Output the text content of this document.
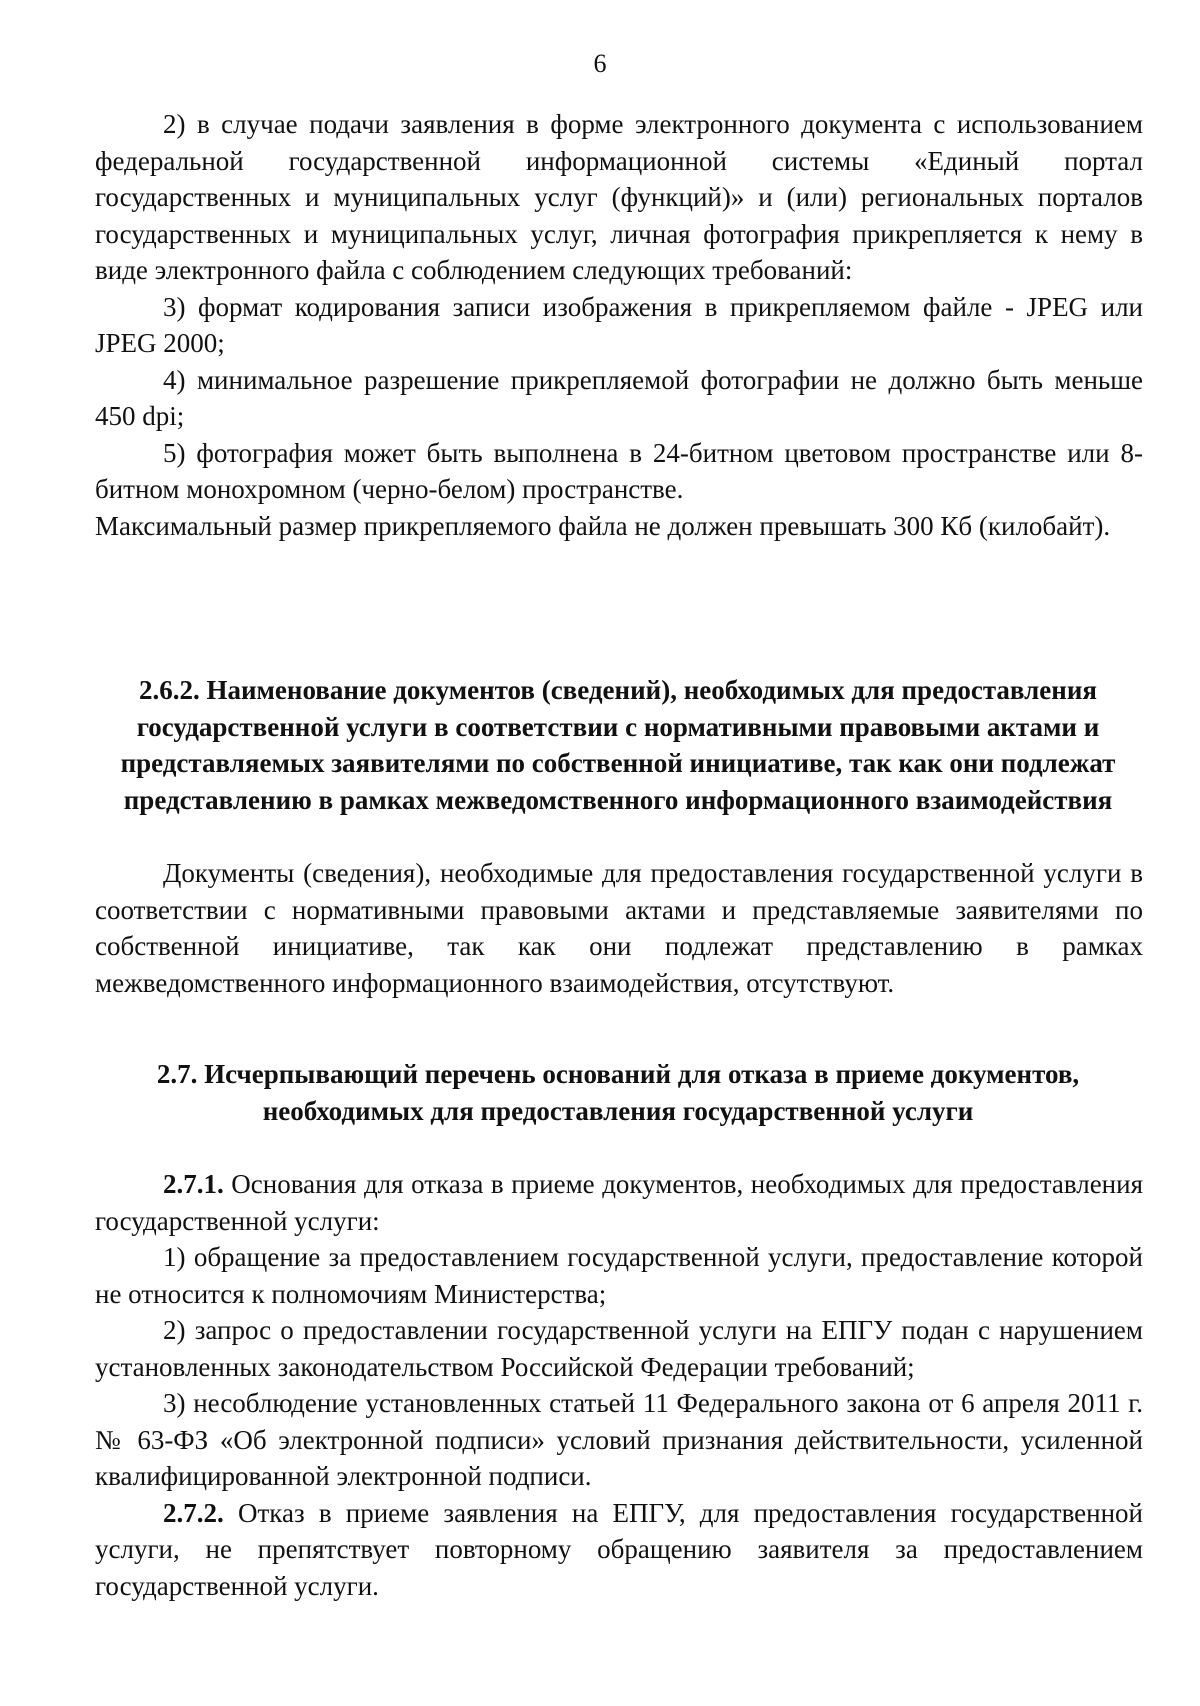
6

2) в случае подачи заявления в форме электронного документа с использованием федеральной государственной информационной системы «Единый портал государственных и муниципальных услуг (функций)» и (или) региональных порталов государственных и муниципальных услуг, личная фотография прикрепляется к нему в виде электронного файла с соблюдением следующих требований:

3) формат кодирования записи изображения в прикрепляемом файле - JPEG или JPEG 2000;

4) минимальное разрешение прикрепляемой фотографии не должно быть меньше 450 dpi;

5) фотография может быть выполнена в 24-битном цветовом пространстве или 8-битном монохромном (черно-белом) пространстве.

Максимальный размер прикрепляемого файла не должен превышать 300 Кб (килобайт).

2.6.2. Наименование документов (сведений), необходимых для предоставления государственной услуги в соответствии с нормативными правовыми актами и представляемых заявителями по собственной инициативе, так как они подлежат представлению в рамках межведомственного информационного взаимодействия

Документы (сведения), необходимые для предоставления государственной услуги в соответствии с нормативными правовыми актами и представляемые заявителями по собственной инициативе, так как они подлежат представлению в рамках межведомственного информационного взаимодействия, отсутствуют.

2.7. Исчерпывающий перечень оснований для отказа в приеме документов, необходимых для предоставления государственной услуги

2.7.1. Основания для отказа в приеме документов, необходимых для предоставления государственной услуги:

1) обращение за предоставлением государственной услуги, предоставление которой не относится к полномочиям Министерства;

2) запрос о предоставлении государственной услуги на ЕПГУ подан с нарушением установленных законодательством Российской Федерации требований;

3) несоблюдение установленных статьей 11 Федерального закона от 6 апреля 2011 г. № 63-ФЗ «Об электронной подписи» условий признания действительности, усиленной квалифицированной электронной подписи.

2.7.2. Отказ в приеме заявления на ЕПГУ, для предоставления государственной услуги, не препятствует повторному обращению заявителя за предоставлением государственной услуги.
